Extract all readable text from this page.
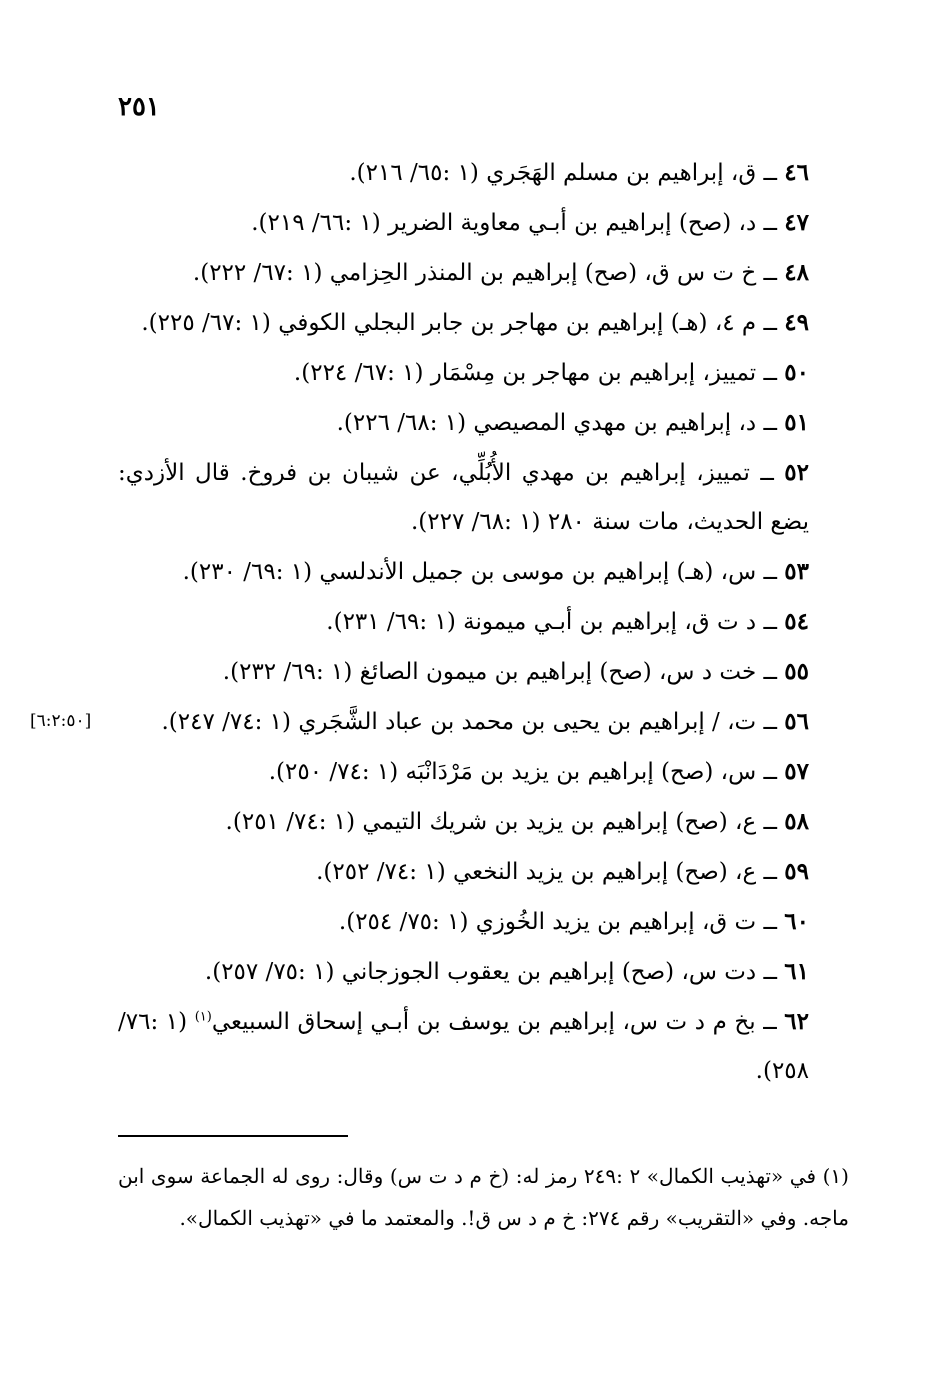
٢٥١
٤٦ ــ ق، إبراهيم بن مسلم الهَجَري (١ :٦٥/ ٢١٦).
٤٧ ــ د، (صح) إبراهيم بن أبـي معاوية الضرير (١ :٦٦/ ٢١٩).
٤٨ ــ خ ت س ق، (صح) إبراهيم بن المنذر الحِزامي (١ :٦٧/ ٢٢٢).
٤٩ ــ م ٤، (هـ) إبراهيم بن مهاجر بن جابر البجلي الكوفي (١ :٦٧/ ٢٢٥).
٥٠ ــ تمييز، إبراهيم بن مهاجر بن مِسْمَار (١ :٦٧/ ٢٢٤).
٥١ ــ د، إبراهيم بن مهدي المصيصي (١ :٦٨/ ٢٢٦).
٥٢ ــ تمييز، إبراهيم بن مهدي الأُبُلِّي، عن شيبان بن فروخ. قال الأزدي: يضع الحديث، مات سنة ٢٨٠ (١ :٦٨/ ٢٢٧).
٥٣ ــ س، (هـ) إبراهيم بن موسى بن جميل الأندلسي (١ :٦٩/ ٢٣٠).
٥٤ ــ د ت ق، إبراهيم بن أبـي ميمونة (١ :٦٩/ ٢٣١).
٥٥ ــ خت د س، (صح) إبراهيم بن ميمون الصائغ (١ :٦٩/ ٢٣٢).
٥٦ ــ ت، / إبراهيم بن يحيى بن محمد بن عباد الشَّجَري (١ :٧٤/ ٢٤٧).
[٦:٢:٥٠]
٥٧ ــ س، (صح) إبراهيم بن يزيد بن مَرْدَانْبَه (١ :٧٤/ ٢٥٠).
٥٨ ــ ع، (صح) إبراهيم بن يزيد بن شريك التيمي (١ :٧٤/ ٢٥١).
٥٩ ــ ع، (صح) إبراهيم بن يزيد النخعي (١ :٧٤/ ٢٥٢).
٦٠ ــ ت ق، إبراهيم بن يزيد الخُوزي (١ :٧٥/ ٢٥٤).
٦١ ــ دت س، (صح) إبراهيم بن يعقوب الجوزجاني (١ :٧٥/ ٢٥٧).
٦٢ ــ بخ م د ت س، إبراهيم بن يوسف بن أبـي إسحاق السبيعي$^{(١)}$ (١ :٧٦/ ٢٥٨).
(١) في «تهذيب الكمال» ٢ :٢٤٩ رمز له: (خ م د ت س) وقال: روى له الجماعة سوى ابن ماجه. وفي «التقريب» رقم ٢٧٤: خ م د س ق!. والمعتمد ما في «تهذيب الكمال».
